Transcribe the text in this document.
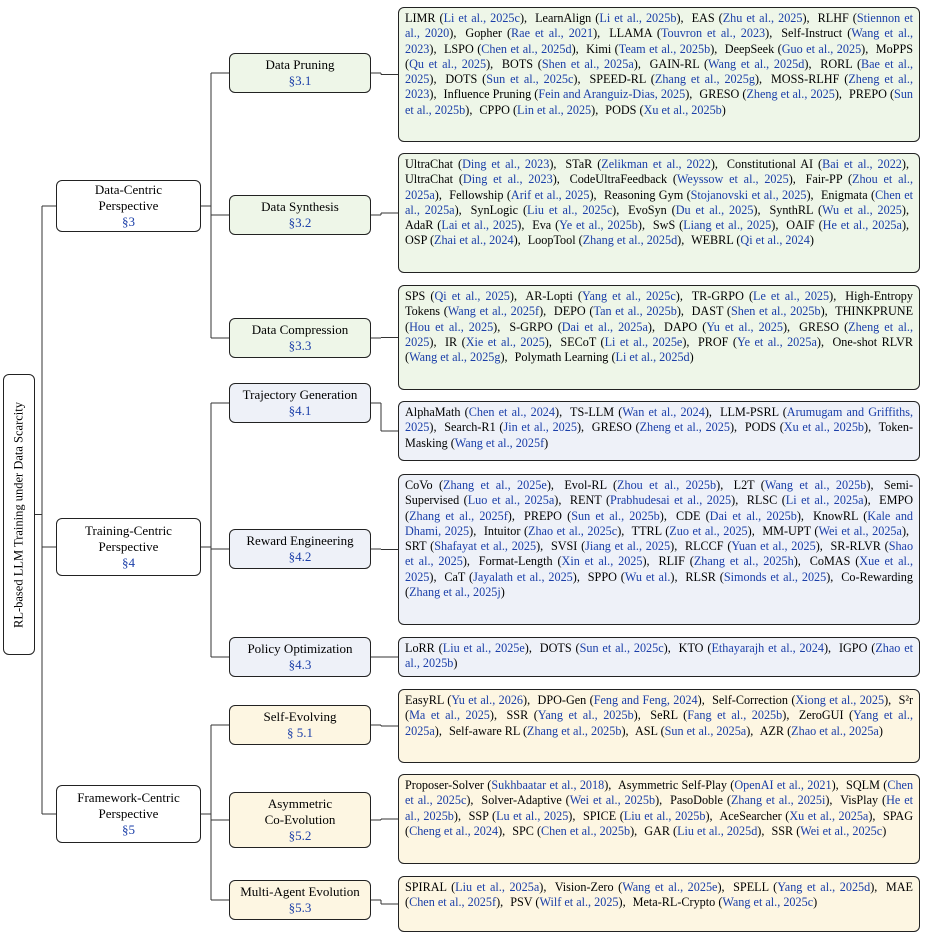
RL-based LLM Training under Data Scarcity
Data-Centric
Perspective
§3
Data Pruning
§3.1
LIMR (Li et al., 2025c), LearnAlign (Li et al., 2025b), EAS (Zhu et al., 2025), RLHF (Stiennon et al., 2020), Gopher (Rae et al., 2021), LLAMA (Touvron et al., 2023), Self-Instruct (Wang et al., 2023), LSPO (Chen et al., 2025d), Kimi (Team et al., 2025b), DeepSeek (Guo et al., 2025), MoPPS (Qu et al., 2025), BOTS (Shen et al., 2025a), GAIN-RL (Wang et al., 2025d), RORL (Bae et al., 2025), DOTS (Sun et al., 2025c), SPEED-RL (Zhang et al., 2025g), MOSS-RLHF (Zheng et al., 2023), Influence Pruning (Fein and Aranguiz-Dias, 2025), GRESO (Zheng et al., 2025), PREPO (Sun et al., 2025b), CPPO (Lin et al., 2025), PODS (Xu et al., 2025b)
Data Synthesis
§3.2
UltraChat (Ding et al., 2023), STaR (Zelikman et al., 2022), Constitutional AI (Bai et al., 2022), UltraChat (Ding et al., 2023), CodeUltraFeedback (Weyssow et al., 2025), Fair-PP (Zhou et al., 2025a), Fellowship (Arif et al., 2025), Reasoning Gym (Stojanovski et al., 2025), Enigmata (Chen et al., 2025a), SynLogic (Liu et al., 2025c), EvoSyn (Du et al., 2025), SynthRL (Wu et al., 2025), AdaR (Lai et al., 2025), Eva (Ye et al., 2025b), SwS (Liang et al., 2025), OAIF (He et al., 2025a), OSP (Zhai et al., 2024), LoopTool (Zhang et al., 2025d), WEBRL (Qi et al., 2024)
Data Compression
§3.3
SPS (Qi et al., 2025), AR-Lopti (Yang et al., 2025c), TR-GRPO (Le et al., 2025), High-Entropy Tokens (Wang et al., 2025f), DEPO (Tan et al., 2025b), DAST (Shen et al., 2025b), THINKPRUNE (Hou et al., 2025), S-GRPO (Dai et al., 2025a), DAPO (Yu et al., 2025), GRESO (Zheng et al., 2025), IR (Xie et al., 2025), SECoT (Li et al., 2025e), PROF (Ye et al., 2025a), One-shot RLVR (Wang et al., 2025g), Polymath Learning (Li et al., 2025d)
Training-Centric
Perspective
§4
Trajectory Generation
§4.1	AlphaMath (Chen et al., 2024), TS-LLM (Wan et al., 2024), LLM-PSRL (Arumugam and Griffiths, 2025), Search-R1 (Jin et al., 2025), GRESO (Zheng et al., 2025), PODS (Xu et al., 2025b), Token-Masking (Wang et al., 2025f)
Reward Engineering
§4.2
CoVo (Zhang et al., 2025e), Evol-RL (Zhou et al., 2025b), L2T (Wang et al., 2025b), Semi-Supervised (Luo et al., 2025a), RENT (Prabhudesai et al., 2025), RLSC (Li et al., 2025a), EMPO (Zhang et al., 2025f), PREPO (Sun et al., 2025b), CDE (Dai et al., 2025b), KnowRL (Kale and Dhami, 2025), Intuitor (Zhao et al., 2025c), TTRL (Zuo et al., 2025), MM-UPT (Wei et al., 2025a), SRT (Shafayat et al., 2025), SVSI (Jiang et al., 2025), RLCCF (Yuan et al., 2025), SR-RLVR (Shao et al., 2025), Format-Length (Xin et al., 2025), RLIF (Zhang et al., 2025h), CoMAS (Xue et al., 2025), CaT (Jayalath et al., 2025), SPPO (Wu et al.), RLSR (Simonds et al., 2025), Co-Rewarding (Zhang et al., 2025j)
Policy Optimization
§4.3
LoRR (Liu et al., 2025e), DOTS (Sun et al., 2025c), KTO (Ethayarajh et al., 2024), IGPO (Zhao et al., 2025b)
Framework-Centric
Perspective
§5
Self-Evolving
§ 5.1
EasyRL (Yu et al., 2026), DPO-Gen (Feng and Feng, 2024), Self-Correction (Xiong et al., 2025), S²r (Ma et al., 2025), SSR (Yang et al., 2025b), SeRL (Fang et al., 2025b), ZeroGUI (Yang et al., 2025a), Self-aware RL (Zhang et al., 2025b), ASL (Sun et al., 2025a), AZR (Zhao et al., 2025a)
Asymmetric
Co-Evolution
§5.2
Proposer-Solver (Sukhbaatar et al., 2018), Asymmetric Self-Play (OpenAI et al., 2021), SQLM (Chen et al., 2025c), Solver-Adaptive (Wei et al., 2025b), PasoDoble (Zhang et al., 2025i), VisPlay (He et al., 2025b), SSP (Lu et al., 2025), SPICE (Liu et al., 2025b), AceSearcher (Xu et al., 2025a), SPAG (Cheng et al., 2024), SPC (Chen et al., 2025b), GAR (Liu et al., 2025d), SSR (Wei et al., 2025c)
Multi-Agent Evolution
§5.3
SPIRAL (Liu et al., 2025a), Vision-Zero (Wang et al., 2025e), SPELL (Yang et al., 2025d), MAE (Chen et al., 2025f), PSV (Wilf et al., 2025), Meta-RL-Crypto (Wang et al., 2025c)
